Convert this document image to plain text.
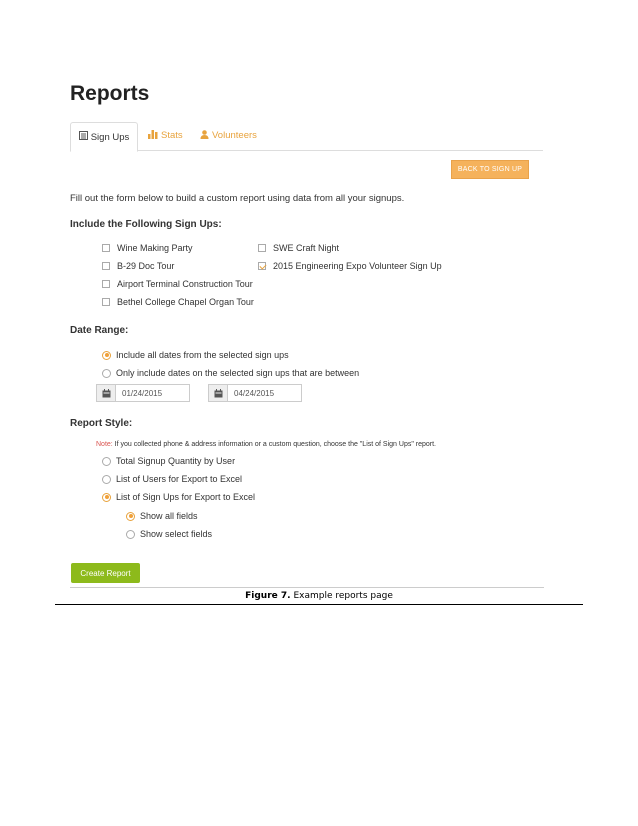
Reports
Sign Ups	Stats	Volunteers
BACK TO SIGN UP
Fill out the form below to build a custom report using data from all your signups.
Include the Following Sign Ups:
Wine Making Party
B-29 Doc Tour
Airport Terminal Construction Tour
Bethel College Chapel Organ Tour
SWE Craft Night
2015 Engineering Expo Volunteer Sign Up
Date Range:
Include all dates from the selected sign ups
Only include dates on the selected sign ups that are between
01/24/2015	04/24/2015
Report Style:
Note: If you collected phone & address information or a custom question, choose the "List of Sign Ups" report.
Total Signup Quantity by User
List of Users for Export to Excel
List of Sign Ups for Export to Excel
Show all fields
Show select fields
Create Report
Figure 7. Example reports page
